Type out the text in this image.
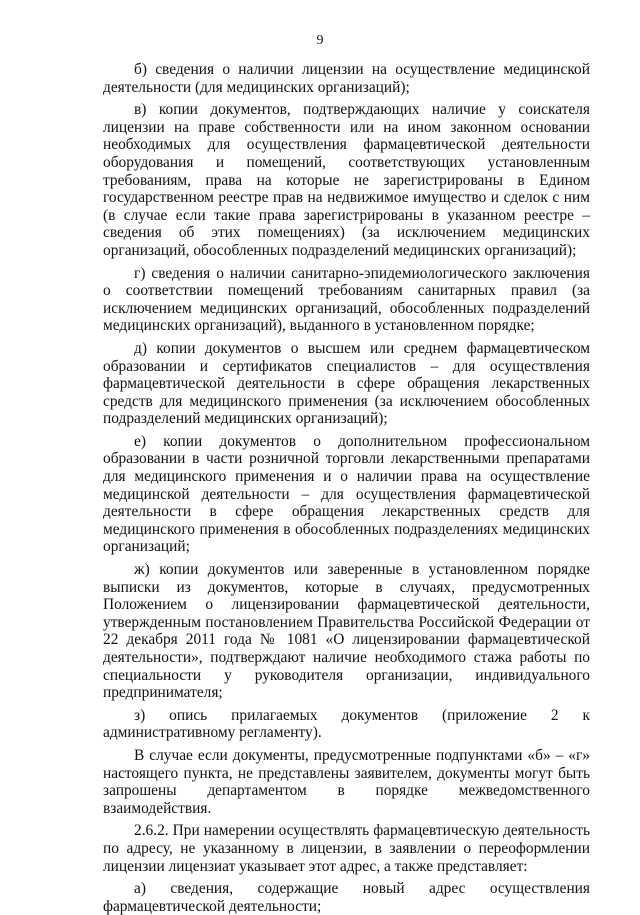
9

б) сведения о наличии лицензии на осуществление медицинской деятельности (для медицинских организаций);

в) копии документов, подтверждающих наличие у соискателя лицензии на праве собственности или на ином законном основании необходимых для осуществления фармацевтической деятельности оборудования и помещений, соответствующих установленным требованиям, права на которые не зарегистрированы в Едином государственном реестре прав на недвижимое имущество и сделок с ним (в случае если такие права зарегистрированы в указанном реестре – сведения об этих помещениях) (за исключением медицинских организаций, обособленных подразделений медицинских организаций);

г) сведения о наличии санитарно-эпидемиологического заключения о соответствии помещений требованиям санитарных правил (за исключением медицинских организаций, обособленных подразделений медицинских организаций), выданного в установленном порядке;

д) копии документов о высшем или среднем фармацевтическом образовании и сертификатов специалистов – для осуществления фармацевтической деятельности в сфере обращения лекарственных средств для медицинского применения (за исключением обособленных подразделений медицинских организаций);

е) копии документов о дополнительном профессиональном образовании в части розничной торговли лекарственными препаратами для медицинского применения и о наличии права на осуществление медицинской деятельности – для осуществления фармацевтической деятельности в сфере обращения лекарственных средств для медицинского применения в обособленных подразделениях медицинских организаций;

ж) копии документов или заверенные в установленном порядке выписки из документов, которые в случаях, предусмотренных Положением о лицензировании фармацевтической деятельности, утвержденным постановлением Правительства Российской Федерации от 22 декабря 2011 года № 1081 «О лицензировании фармацевтической деятельности», подтверждают наличие необходимого стажа работы по специальности у руководителя организации, индивидуального предпринимателя;

з) опись прилагаемых документов (приложение 2 к административному регламенту).

В случае если документы, предусмотренные подпунктами «б» – «г» настоящего пункта, не представлены заявителем, документы могут быть запрошены департаментом в порядке межведомственного взаимодействия.

2.6.2. При намерении осуществлять фармацевтическую деятельность по адресу, не указанному в лицензии, в заявлении о переоформлении лицензии лицензиат указывает этот адрес, а также представляет:

а) сведения, содержащие новый адрес осуществления фармацевтической деятельности;
